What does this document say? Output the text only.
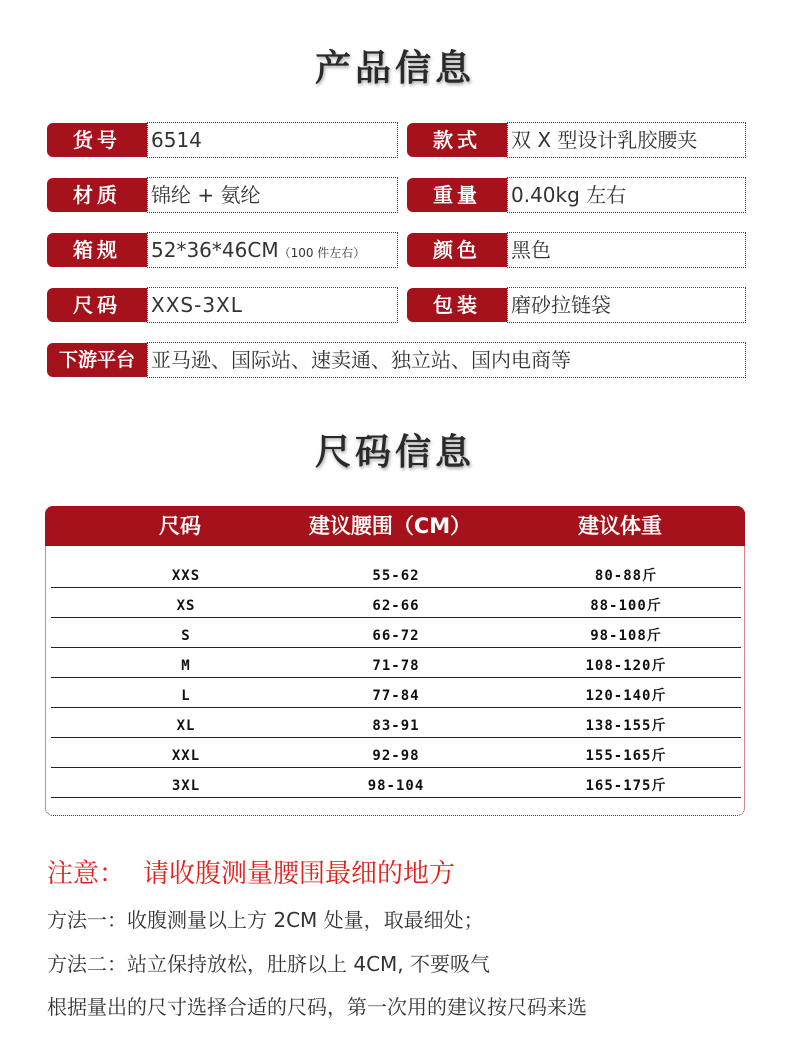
产品信息
货号	6514	款式	双 X 型设计乳胶腰夹
材质	锦纶 + 氨纶	重量	0.40kg 左右
箱规	52*36*46CM（100 件左右）	颜色	黑色
尺码	XXS-3XL	包装	磨砂拉链袋
下游平台 亚马逊、国际站、速卖通、独立站、国内电商等
尺码信息
尺码	建议腰围（CM）	建议体重
XXS	55-62	80-88斤
XS	62-66	88-100斤
S	66-72	98-108斤
M	71-78	108-120斤
L	77-84	120-140斤
XL	83-91	138-155斤
XXL	92-98	155-165斤
3XL	98-104	165-175斤
注意： 请收腹测量腰围最细的地方
方法一：收腹测量以上方 2CM 处量，取最细处；
方法二：站立保持放松，肚脐以上 4CM, 不要吸气
根据量出的尺寸选择合适的尺码，第一次用的建议按尺码来选
